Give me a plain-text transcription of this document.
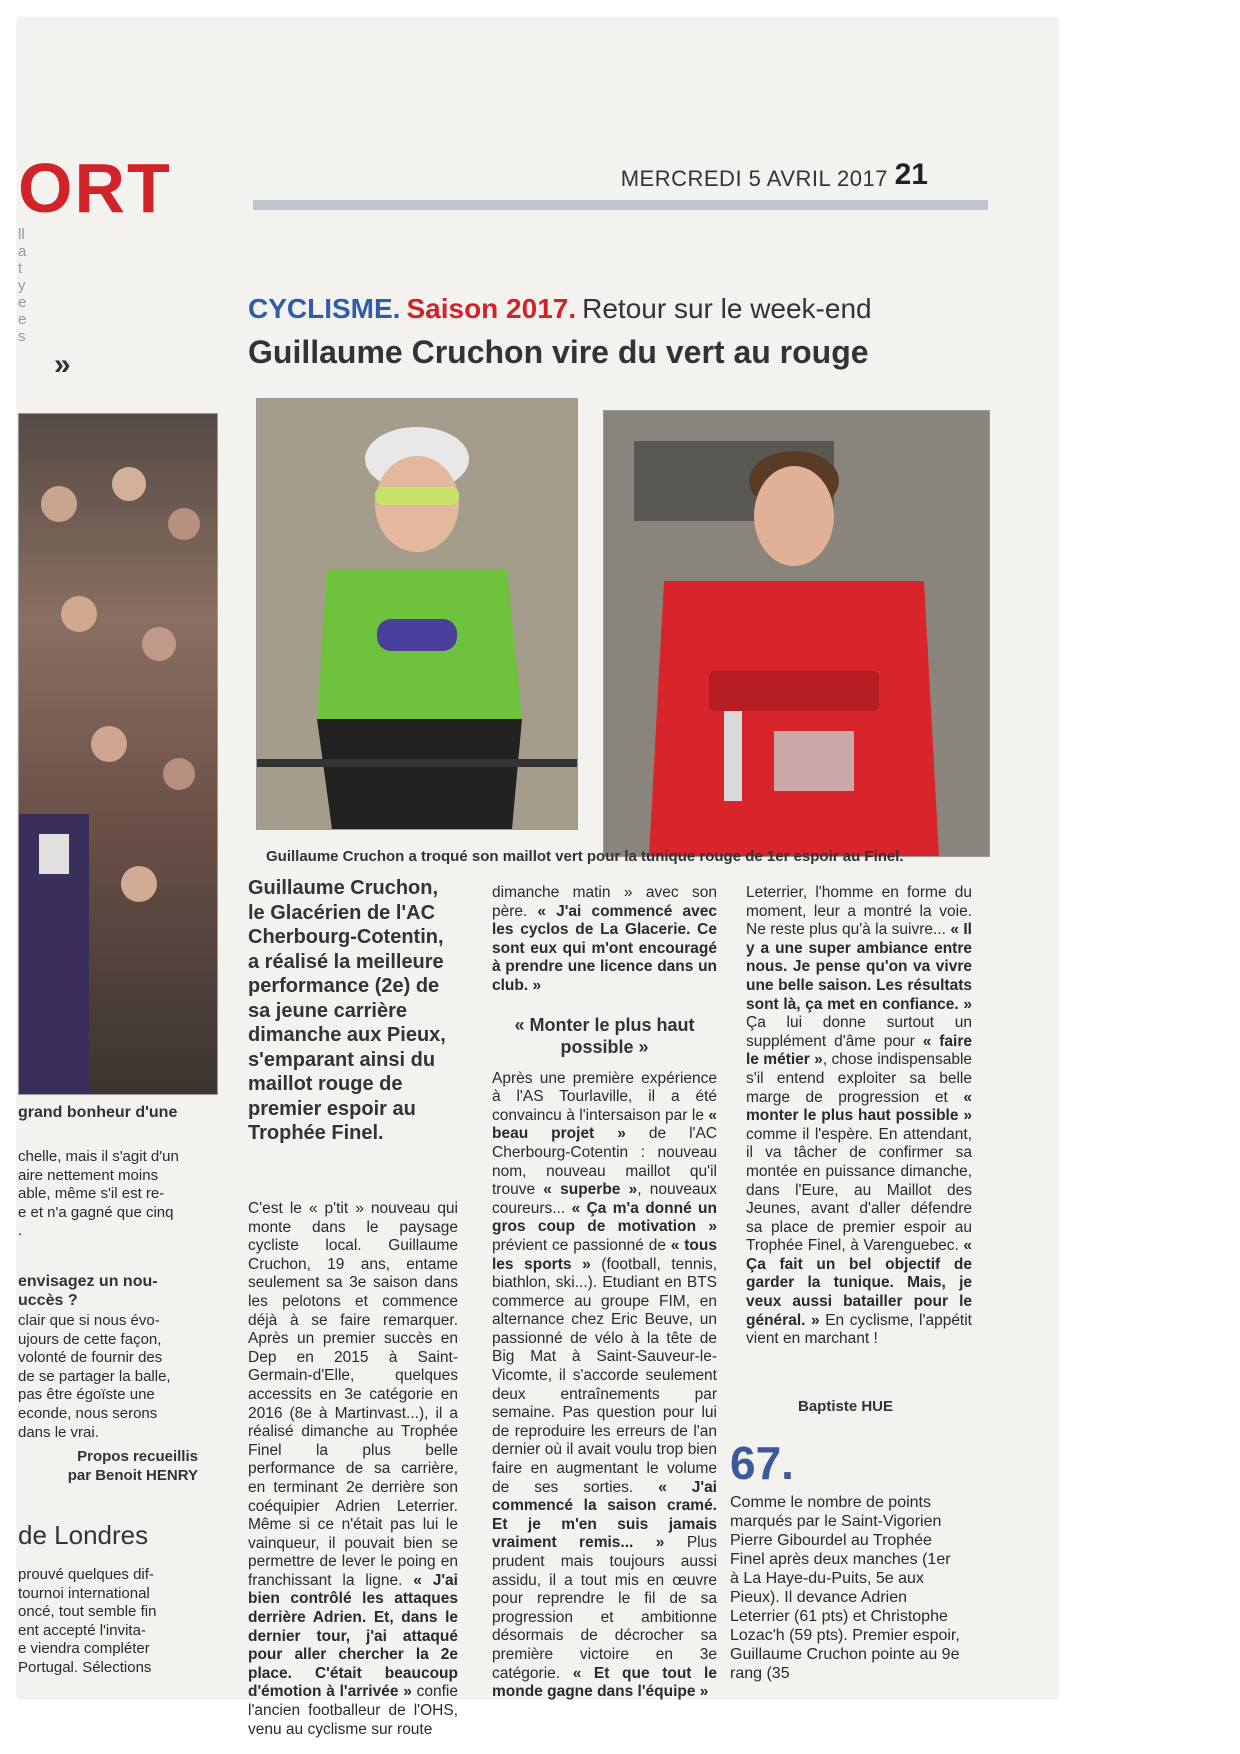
ORT	MERCREDI 5 AVRIL 2017 21
ll
a
t
y
e
e
s
»
CYCLISME. Saison 2017. Retour sur le week-end
Guillaume Cruchon vire du vert au rouge
Guillaume Cruchon a troqué son maillot vert pour la tunique rouge de 1er espoir au Finel.
Guillaume Cruchon, le Glacérien de l'AC Cherbourg-Cotentin, a réalisé la meilleure performance (2e) de sa jeune carrière dimanche aux Pieux, s'emparant ainsi du maillot rouge de premier espoir au Trophée Finel.
C'est le « p'tit » nouveau qui monte dans le paysage cycliste local. Guillaume Cruchon, 19 ans, entame seulement sa 3e saison dans les pelotons et commence déjà à se faire remarquer. Après un premier succès en Dep en 2015 à Saint-Germain-d'Elle, quelques accessits en 3e catégorie en 2016 (8e à Martinvast...), il a réalisé dimanche au Trophée Finel la plus belle performance de sa carrière, en terminant 2e derrière son coéquipier Adrien Leterrier. Même si ce n'était pas lui le vainqueur, il pouvait bien se permettre de lever le poing en franchissant la ligne. « J'ai bien contrôlé les attaques derrière Adrien. Et, dans le dernier tour, j'ai attaqué pour aller chercher la 2e place. C'était beaucoup d'émotion à l'arrivée » confie l'ancien footballeur de l'OHS, venu au cyclisme sur route
dimanche matin » avec son père. « J'ai commencé avec les cyclos de La Glacerie. Ce sont eux qui m'ont encouragé à prendre une licence dans un club. »
« Monter le plus haut possible »
Après une première expérience à l'AS Tourlaville, il a été convaincu à l'intersaison par le « beau projet » de l'AC Cherbourg-Cotentin : nouveau nom, nouveau maillot qu'il trouve « superbe », nouveaux coureurs... « Ça m'a donné un gros coup de motivation » prévient ce passionné de « tous les sports » (football, tennis, biathlon, ski...). Etudiant en BTS commerce au groupe FIM, en alternance chez Eric Beuve, un passionné de vélo à la tête de Big Mat à Saint-Sauveur-le-Vicomte, il s'accorde seulement deux entraînements par semaine. Pas question pour lui de reproduire les erreurs de l'an dernier où il avait voulu trop bien faire en augmentant le volume de ses sorties. « J'ai commencé la saison cramé. Et je m'en suis jamais vraiment remis... » Plus prudent mais toujours aussi assidu, il a tout mis en œuvre pour reprendre le fil de sa progression et ambitionne désormais de décrocher sa première victoire en 3e catégorie. « Et que tout le monde gagne dans l'équipe »
Leterrier, l'homme en forme du moment, leur a montré la voie. Ne reste plus qu'à la suivre... « Il y a une super ambiance entre nous. Je pense qu'on va vivre une belle saison. Les résultats sont là, ça met en confiance. » Ça lui donne surtout un supplément d'âme pour « faire le métier », chose indispensable s'il entend exploiter sa belle marge de progression et « monter le plus haut possible » comme il l'espère. En attendant, il va tâcher de confirmer sa montée en puissance dimanche, dans l'Eure, au Maillot des Jeunes, avant d'aller défendre sa place de premier espoir au Trophée Finel, à Varenguebec. « Ça fait un bel objectif de garder la tunique. Mais, je veux aussi batailler pour le général. » En cyclisme, l'appétit vient en marchant !
Baptiste HUE
67.
Comme le nombre de points marqués par le Saint-Vigorien Pierre Gibourdel au Trophée Finel après deux manches (1er à La Haye-du-Puits, 5e aux Pieux). Il devance Adrien Leterrier (61 pts) et Christophe Lozac'h (59 pts). Premier espoir, Guillaume Cruchon pointe au 9e rang (35
grand bonheur d'une
chelle, mais il s'agit d'un
aire nettement moins
able, même s'il est re-
e et n'a gagné que cinq
.
envisagez un nou-
uccès ?
clair que si nous évo-
ujours de cette façon,
volonté de fournir des
de se partager la balle,
pas être égoïste une
econde, nous serons
dans le vrai.
Propos recueillis
par Benoit HENRY
de Londres
prouvé quelques dif-
tournoi international
oncé, tout semble fin
ent accepté l'invita-
e viendra compléter
Portugal. Sélections
